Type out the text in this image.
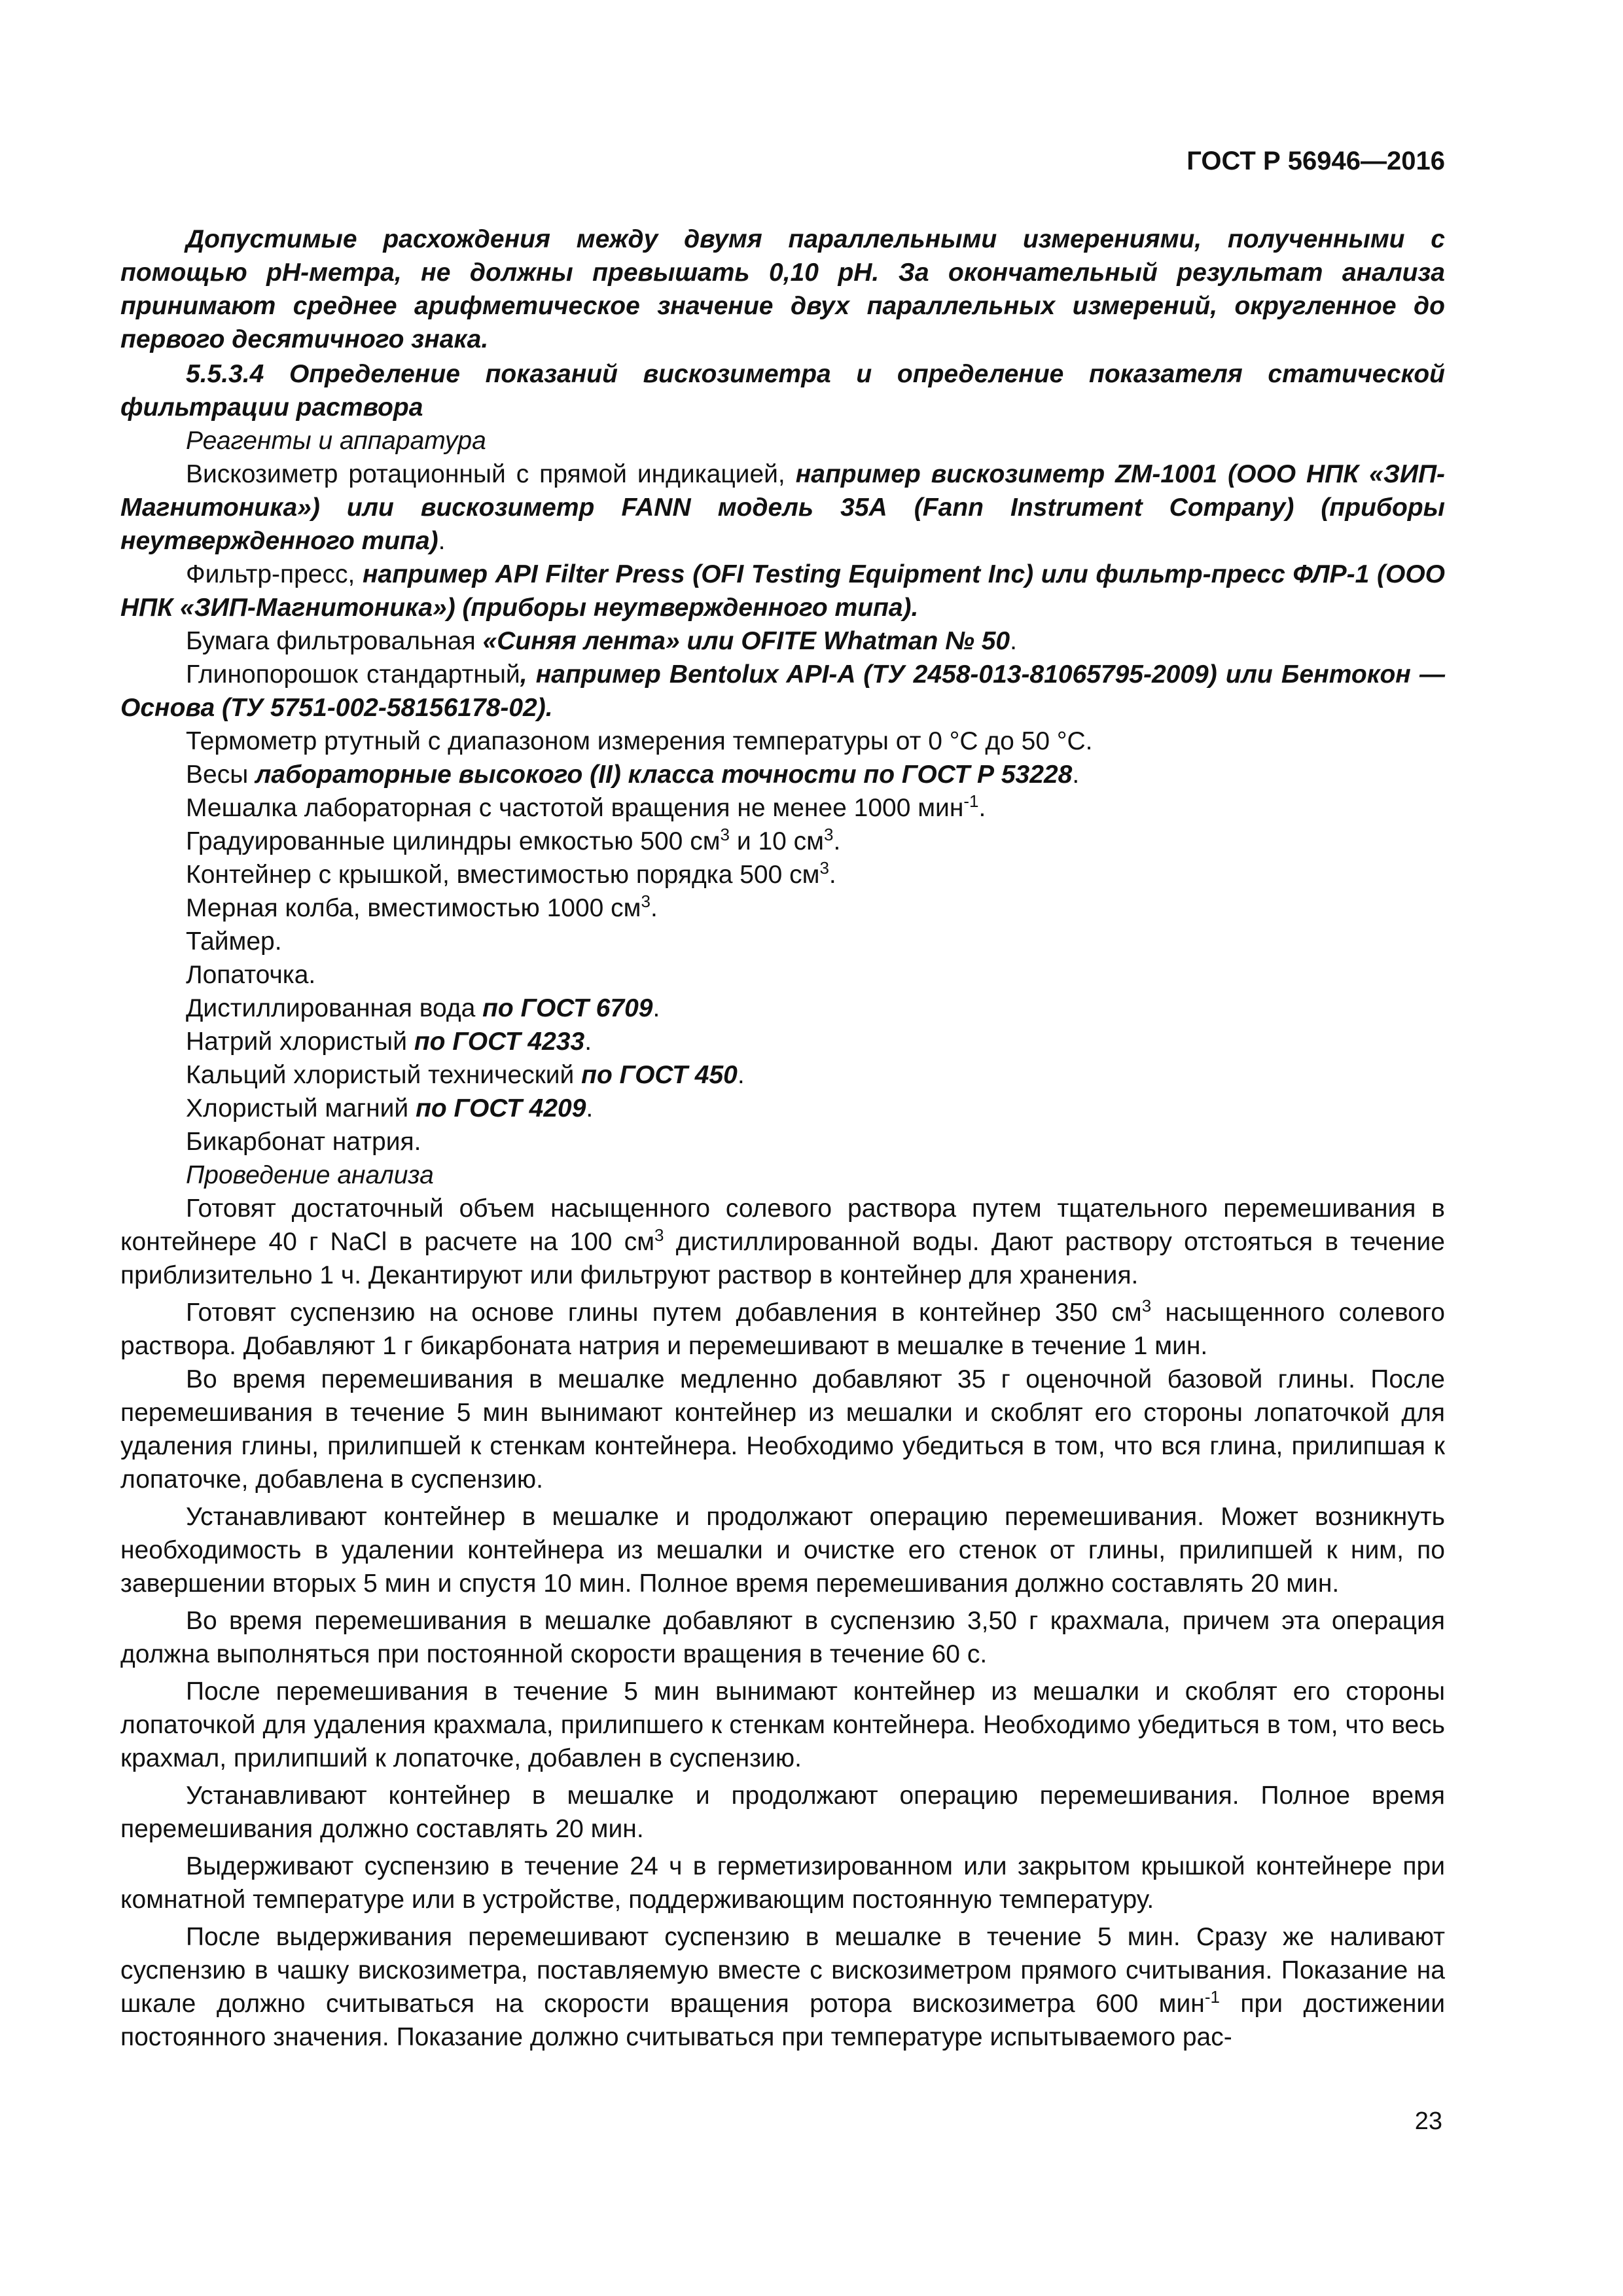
ГОСТ Р 56946—2016

Допустимые расхождения между двумя параллельными измерениями, полученными с помощью pH-метра, не должны превышать 0,10 pH. За окончательный результат анализа принимают среднее арифметическое значение двух параллельных измерений, округленное до первого десятичного знака.

5.5.3.4 Определение показаний вискозиметра и определение показателя статической фильтрации раствора

Реагенты и аппаратура

Вискозиметр ротационный с прямой индикацией, например вискозиметр ZM-1001 (ООО НПК «ЗИП-Магнитоника») или вискозиметр FANN модель 35А (Fann Instrument Company) (приборы неутвержденного типа).

Фильтр-пресс, например API Filter Press (OFI Testing Equipment Inc) или фильтр-пресс ФЛР-1 (ООО НПК «ЗИП-Магнитоника») (приборы неутвержденного типа).

Бумага фильтровальная «Синяя лента» или OFITE Whatman № 50.

Глинопорошок стандартный, например Bentolux API-A (ТУ 2458-013-81065795-2009) или Бентокон — Основа (ТУ 5751-002-58156178-02).

Термометр ртутный с диапазоном измерения температуры от 0 °С до 50 °С.

Весы лабораторные высокого (II) класса точности по ГОСТ Р 53228.

Мешалка лабораторная с частотой вращения не менее 1000 мин$^{-1}$.

Градуированные цилиндры емкостью 500 $см^3$ и 10 $см^3$.

Контейнер с крышкой, вместимостью порядка 500 $см^3$.

Мерная колба, вместимостью 1000 $см^3$.

Таймер.

Лопаточка.

Дистиллированная вода по ГОСТ 6709.

Натрий хлористый по ГОСТ 4233.

Кальций хлористый технический по ГОСТ 450.

Хлористый магний по ГОСТ 4209.

Бикарбонат натрия.

Проведение анализа

Готовят достаточный объем насыщенного солевого раствора путем тщательного перемешивания в контейнере 40 г NaCl в расчете на 100 $см^3$ дистиллированной воды. Дают раствору отстояться в течение приблизительно 1 ч. Декантируют или фильтруют раствор в контейнер для хранения.

Готовят суспензию на основе глины путем добавления в контейнер 350 $см^3$ насыщенного солевого раствора. Добавляют 1 г бикарбоната натрия и перемешивают в мешалке в течение 1 мин.

Во время перемешивания в мешалке медленно добавляют 35 г оценочной базовой глины. После перемешивания в течение 5 мин вынимают контейнер из мешалки и скоблят его стороны лопаточкой для удаления глины, прилипшей к стенкам контейнера. Необходимо убедиться в том, что вся глина, прилипшая к лопаточке, добавлена в суспензию.

Устанавливают контейнер в мешалке и продолжают операцию перемешивания. Может возникнуть необходимость в удалении контейнера из мешалки и очистке его стенок от глины, прилипшей к ним, по завершении вторых 5 мин и спустя 10 мин. Полное время перемешивания должно составлять 20 мин.

Во время перемешивания в мешалке добавляют в суспензию 3,50 г крахмала, причем эта операция должна выполняться при постоянной скорости вращения в течение 60 с.

После перемешивания в течение 5 мин вынимают контейнер из мешалки и скоблят его стороны лопаточкой для удаления крахмала, прилипшего к стенкам контейнера. Необходимо убедиться в том, что весь крахмал, прилипший к лопаточке, добавлен в суспензию.

Устанавливают контейнер в мешалке и продолжают операцию перемешивания. Полное время перемешивания должно составлять 20 мин.

Выдерживают суспензию в течение 24 ч в герметизированном или закрытом крышкой контейнере при комнатной температуре или в устройстве, поддерживающим постоянную температуру.

После выдерживания перемешивают суспензию в мешалке в течение 5 мин. Сразу же наливают суспензию в чашку вискозиметра, поставляемую вместе с вискозиметром прямого считывания. Показание на шкале должно считываться на скорости вращения ротора вискозиметра 600 мин$^{-1}$ при достижении постоянного значения. Показание должно считываться при температуре испытываемого рас-

23
